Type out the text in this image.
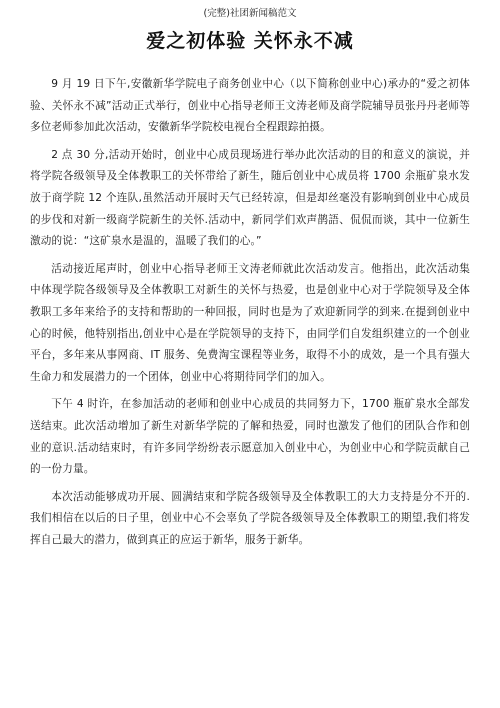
(完整)社团新闻稿范文
爱之初体验 关怀永不减

9 月 19 日下午,安徽新华学院电子商务创业中心（以下简称创业中心)承办的“爱之初体验、关怀永不减”活动正式举行，创业中心指导老师王文涛老师及商学院辅导员张丹丹老师等多位老师参加此次活动，安徽新华学院校电视台全程跟踪拍摄。

2 点 30 分,活动开始时，创业中心成员现场进行举办此次活动的目的和意义的演说，并将学院各级领导及全体教职工的关怀带给了新生，随后创业中心成员将 1700 余瓶矿泉水发放于商学院 12 个连队,虽然活动开展时天气已经转凉，但是却丝毫没有影响到创业中心成员的步伐和对新一级商学院新生的关怀.活动中，新同学们欢声鹊語、侃侃而谈，其中一位新生激动的说：“这矿泉水是温的，温暖了我们的心。”

活动接近尾声时，创业中心指导老师王文涛老师就此次活动发言。他指出，此次活动集中体现学院各级领导及全体教职工对新生的关怀与热爱，也是创业中心对于学院领导及全体教职工多年来给予的支持和帮助的一种回报，同时也是为了欢迎新同学的到来.在提到创业中心的时候，他特别指出,创业中心是在学院领导的支持下，由同学们自发组织建立的一个创业平台，多年来从事网商、IT 服务、免费淘宝课程等业务，取得不小的成效，是一个具有强大生命力和发展潜力的一个团体，创业中心将期待同学们的加入。

下午 4 时许，在参加活动的老师和创业中心成员的共同努力下，1700 瓶矿泉水全部发送结束。此次活动增加了新生对新华学院的了解和热爱，同时也激发了他们的团队合作和创业的意识.活动结束时，有许多同学纷纷表示愿意加入创业中心，为创业中心和学院贡献自己的一份力量。

本次活动能够成功开展、圆满结束和学院各级领导及全体教职工的大力支持是分不开的.我们相信在以后的日子里，创业中心不会辜负了学院各级领导及全体教职工的期望,我们将发挥自己最大的潜力，做到真正的应运于新华，服务于新华。
